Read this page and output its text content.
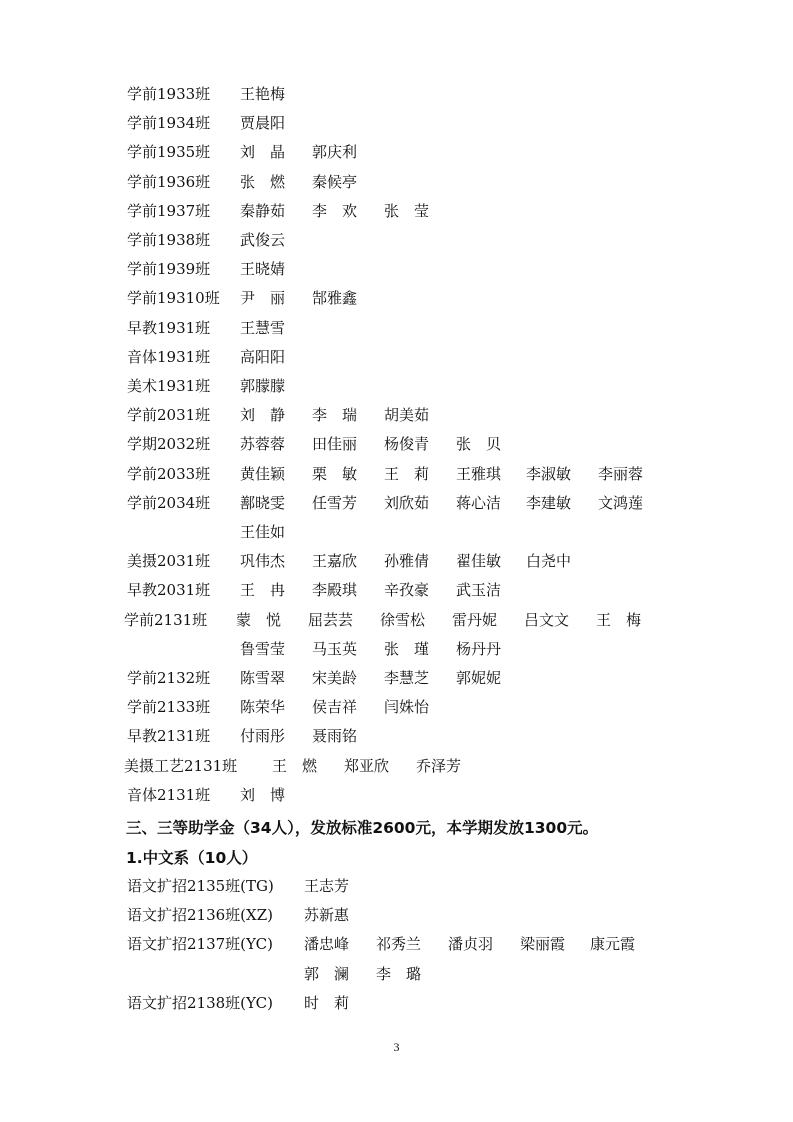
学前1933班 王艳梅
学前1934班 贾晨阳
学前1935班 刘　晶 郭庆利
学前1936班 张　燃 秦候亭
学前1937班 秦静茹 李　欢 张　莹
学前1938班 武俊云
学前1939班 王晓婧
学前19310班 尹　丽 郜雅鑫
早教1931班 王慧雪
音体1931班 高阳阳
美术1931班 郭朦朦
学前2031班 刘　静 李　瑞 胡美茹
学期2032班 苏蓉蓉 田佳丽 杨俊青 张　贝
学前2033班 黄佳颖 栗　敏 王　莉 王雅琪 李淑敏 李丽蓉
学前2034班 鄯晓雯 任雪芳 刘欣茹 蒋心洁 李建敏 文鸿莲
王佳如
美摄2031班 巩伟杰 王嘉欣 孙雅倩 翟佳敏 白尧中
早教2031班 王　冉 李殿琪 辛孜豪 武玉洁
学前2131班 蒙　悦 屈芸芸 徐雪松 雷丹妮 吕文文 王　梅
鲁雪莹 马玉英 张　瑾 杨丹丹
学前2132班 陈雪翠 宋美龄 李慧芝 郭妮妮
学前2133班 陈荣华 侯吉祥 闫姝怡
早教2131班 付雨彤 聂雨铭
美摄工艺2131班 王　燃 郑亚欣 乔泽芳
音体2131班 刘　博
三、三等助学金（34人），发放标准2600元，本学期发放1300元。
1.中文系（10人）
语文扩招2135班(TG) 王志芳
语文扩招2136班(XZ) 苏新惠
语文扩招2137班(YC) 潘忠峰 祁秀兰 潘贞羽 梁丽霞 康元霞
郭　澜 李　璐
语文扩招2138班(YC) 时　莉
3
